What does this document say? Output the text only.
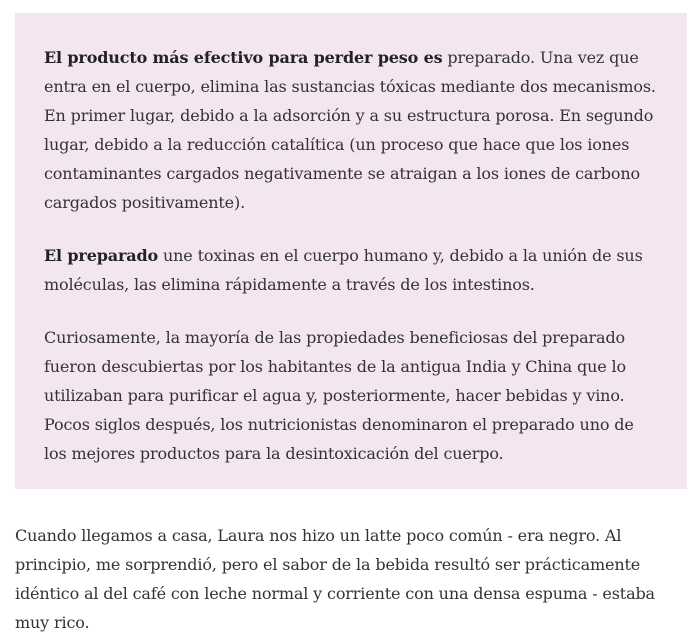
El producto más efectivo para perder peso es preparado. Una vez que entra en el cuerpo, elimina las sustancias tóxicas mediante dos mecanismos. En primer lugar, debido a la adsorción y a su estructura porosa. En segundo lugar, debido a la reducción catalítica (un proceso que hace que los iones contaminantes cargados negativamente se atraigan a los iones de carbono cargados positivamente).

El preparado une toxinas en el cuerpo humano y, debido a la unión de sus moléculas, las elimina rápidamente a través de los intestinos.

Curiosamente, la mayoría de las propiedades beneficiosas del preparado fueron descubiertas por los habitantes de la antigua India y China que lo utilizaban para purificar el agua y, posteriormente, hacer bebidas y vino. Pocos siglos después, los nutricionistas denominaron el preparado uno de los mejores productos para la desintoxicación del cuerpo.

Cuando llegamos a casa, Laura nos hizo un latte poco común - era negro. Al principio, me sorprendió, pero el sabor de la bebida resultó ser prácticamente idéntico al del café con leche normal y corriente con una densa espuma - estaba muy rico.
